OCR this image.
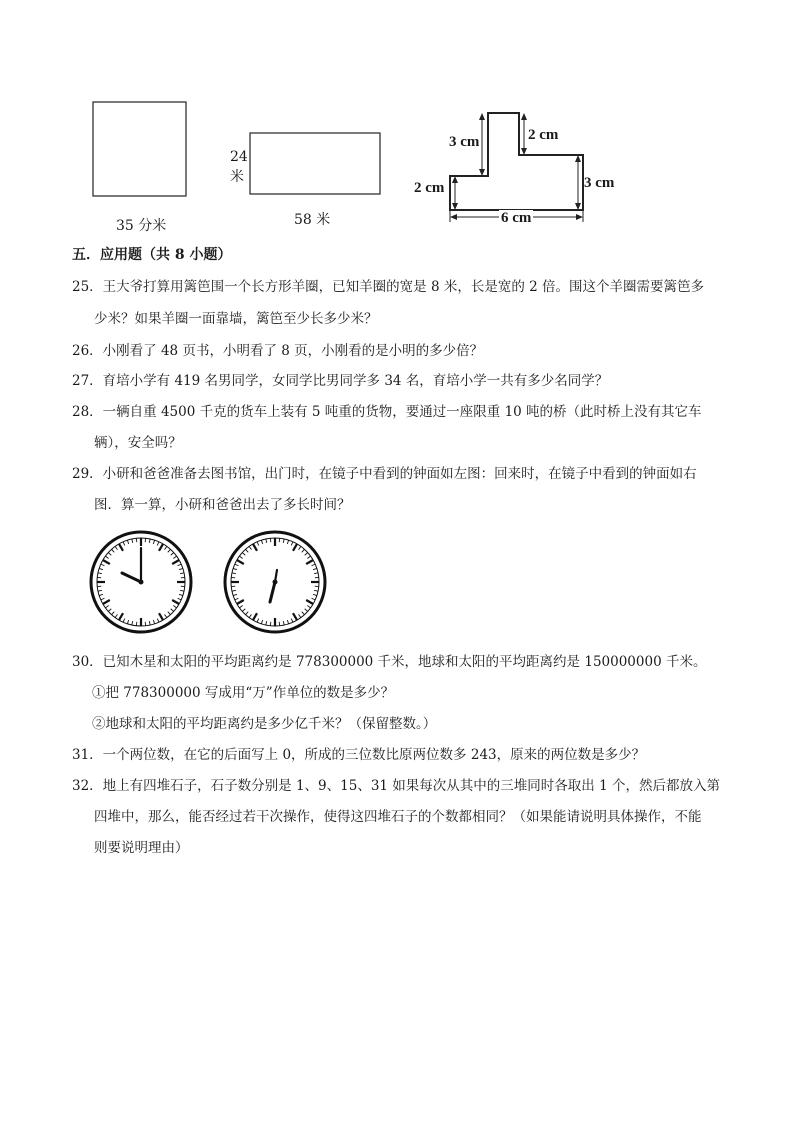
35 分米
24
米
58 米
3 cm	2 cm
2 cm	3 cm
6 cm
五．应用题（共 8 小题）
25．王大爷打算用篱笆围一个长方形羊圈，已知羊圈的宽是 8 米，长是宽的 2 倍。围这个羊圈需要篱笆多
少米？如果羊圈一面靠墙，篱笆至少长多少米？
26．小刚看了 48 页书，小明看了 8 页，小刚看的是小明的多少倍？
27．育培小学有 419 名男同学，女同学比男同学多 34 名，育培小学一共有多少名同学？
28．一辆自重 4500 千克的货车上装有 5 吨重的货物，要通过一座限重 10 吨的桥（此时桥上没有其它车
辆），安全吗？
29．小研和爸爸准备去图书馆，出门时，在镜子中看到的钟面如左图：回来时，在镜子中看到的钟面如右
图．算一算，小研和爸爸出去了多长时间？
30．已知木星和太阳的平均距离约是 778300000 千米，地球和太阳的平均距离约是 150000000 千米。
①把 778300000 写成用“万”作单位的数是多少？
②地球和太阳的平均距离约是多少亿千米？（保留整数。）
31．一个两位数，在它的后面写上 0，所成的三位数比原两位数多 243，原来的两位数是多少？
32．地上有四堆石子，石子数分别是 1、9、15、31 如果每次从其中的三堆同时各取出 1 个，然后都放入第
四堆中，那么，能否经过若干次操作，使得这四堆石子的个数都相同？（如果能请说明具体操作，不能
则要说明理由）
